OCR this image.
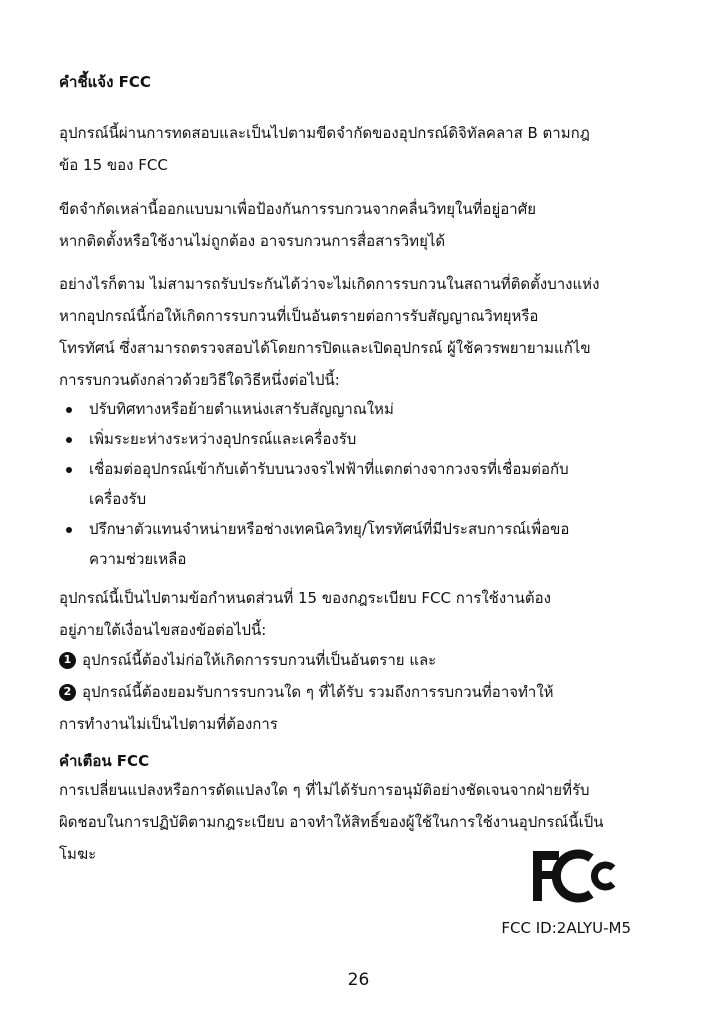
คำชี้แจ้ง FCC
อุปกรณ์นี้ผ่านการทดสอบและเป็นไปตามขีดจำกัดของอุปกรณ์ดิจิทัลคลาส B ตามกฎ
ข้อ 15 ของ FCC
ขีดจำกัดเหล่านี้ออกแบบมาเพื่อป้องกันการรบกวนจากคลื่นวิทยุในที่อยู่อาศัย
หากติดตั้งหรือใช้งานไม่ถูกต้อง อาจรบกวนการสื่อสารวิทยุได้
อย่างไรก็ตาม ไม่สามารถรับประกันได้ว่าจะไม่เกิดการรบกวนในสถานที่ติดตั้งบางแห่ง
หากอุปกรณ์นี้ก่อให้เกิดการรบกวนที่เป็นอันตรายต่อการรับสัญญาณวิทยุหรือ
โทรทัศน์ ซึ่งสามารถตรวจสอบได้โดยการปิดและเปิดอุปกรณ์ ผู้ใช้ควรพยายามแก้ไข
การรบกวนดังกล่าวด้วยวิธีใดวิธีหนึ่งต่อไปนี้:
ปรับทิศทางหรือย้ายตำแหน่งเสารับสัญญาณใหม่
เพิ่มระยะห่างระหว่างอุปกรณ์และเครื่องรับ
เชื่อมต่ออุปกรณ์เข้ากับเต้ารับบนวงจรไฟฟ้าที่แตกต่างจากวงจรที่เชื่อมต่อกับ
เครื่องรับ
ปรึกษาตัวแทนจำหน่ายหรือช่างเทคนิควิทยุ/โทรทัศน์ที่มีประสบการณ์เพื่อขอ
ความช่วยเหลือ
อุปกรณ์นี้เป็นไปตามข้อกำหนดส่วนที่ 15 ของกฎระเบียบ FCC การใช้งานต้อง
อยู่ภายใต้เงื่อนไขสองข้อต่อไปนี้:
1 อุปกรณ์นี้ต้องไม่ก่อให้เกิดการรบกวนที่เป็นอันตราย และ
2 อุปกรณ์นี้ต้องยอมรับการรบกวนใด ๆ ที่ได้รับ รวมถึงการรบกวนที่อาจทำให้
การทำงานไม่เป็นไปตามที่ต้องการ
คำเตือน FCC
การเปลี่ยนแปลงหรือการดัดแปลงใด ๆ ที่ไม่ได้รับการอนุมัติอย่างชัดเจนจากฝ่ายที่รับ
ผิดชอบในการปฏิบัติตามกฎระเบียบ อาจทำให้สิทธิ์ของผู้ใช้ในการใช้งานอุปกรณ์นี้เป็น
โมฆะ
FCC ID:2ALYU-M5
26
